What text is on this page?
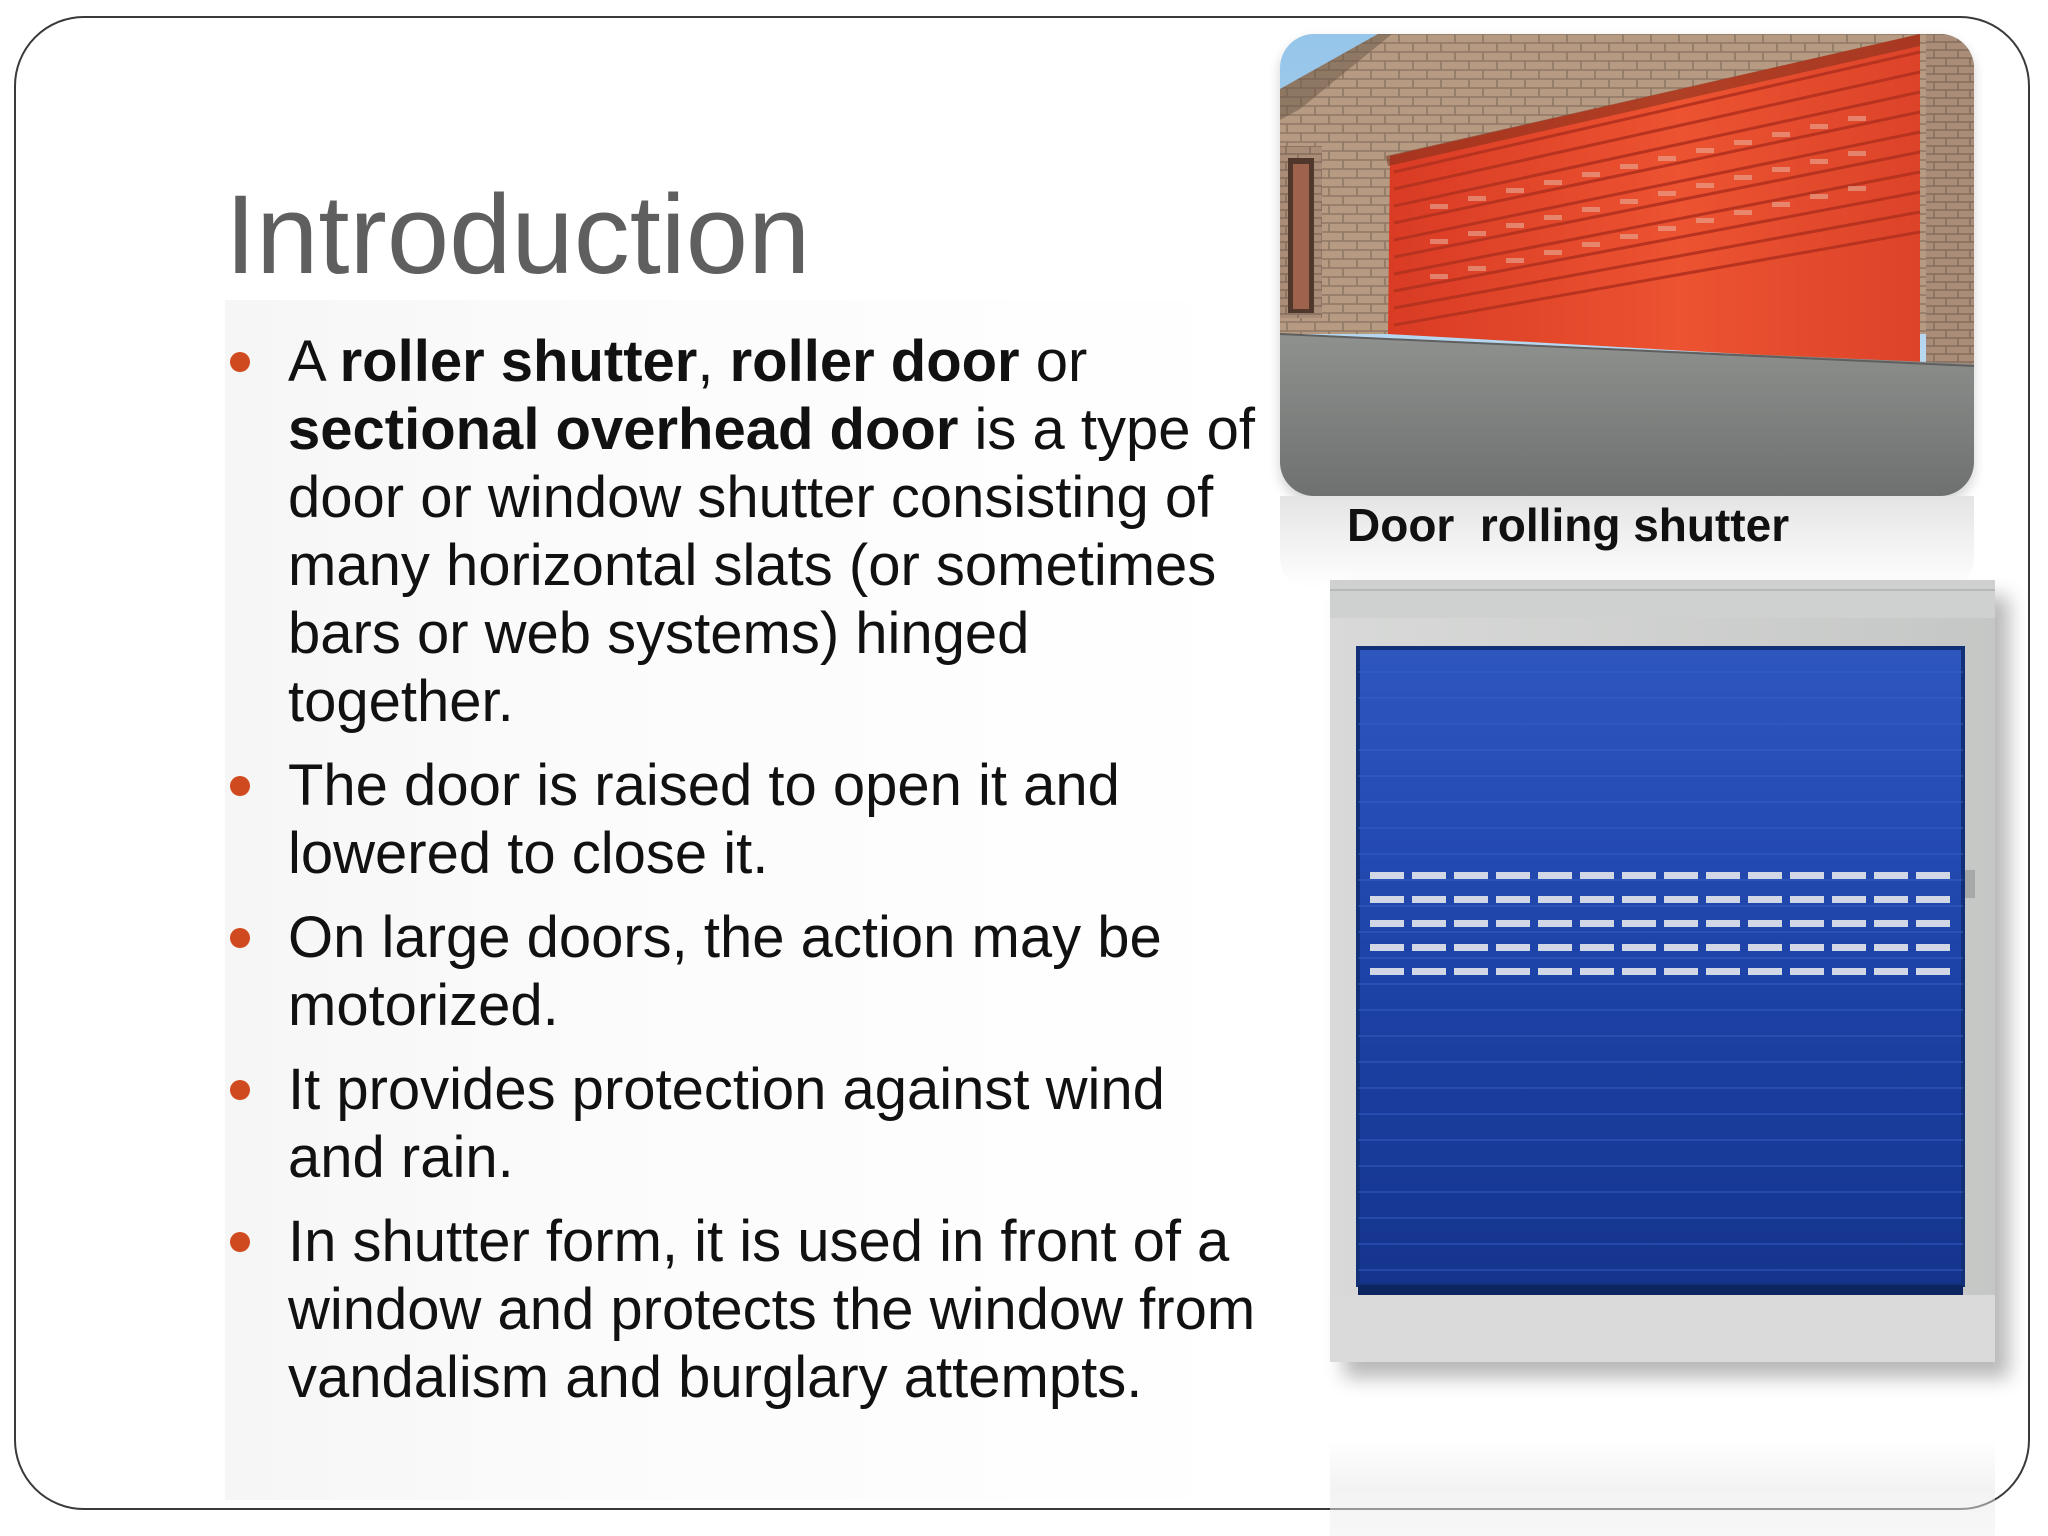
Introduction
A roller shutter, roller door or sectional overhead door is a type of door or window shutter consisting of many horizontal slats (or sometimes bars or web systems) hinged together.
The door is raised to open it and lowered to close it.
On large doors, the action may be motorized.
It provides protection against wind and rain.
In shutter form, it is used in front of a window and protects the window from vandalism and burglary attempts.
Door  rolling shutter
